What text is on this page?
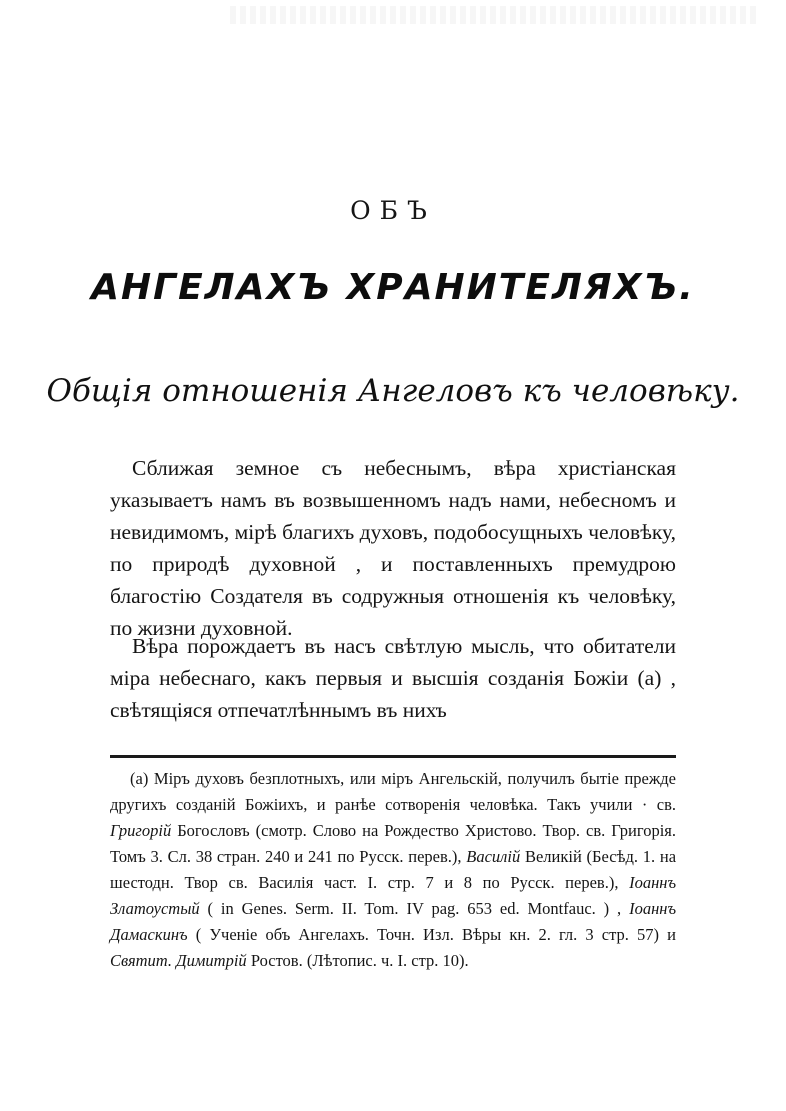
ОБЪ
АНГЕЛАХЪ ХРАНИТЕЛЯХЪ.
Общія отношенія Ангеловъ къ человѣку.
Сближая земное съ небеснымъ, вѣра христіанская указываетъ намъ въ возвышенномъ надъ нами, небесномъ и невидимомъ, мірѣ благихъ духовъ, подобосущныхъ человѣку, по природѣ духовной , и поставленныхъ премудрою благостію Создателя въ содружныя отношенія къ человѣку, по жизни духовной.
Вѣра порождаетъ въ насъ свѣтлую мысль, что обитатели міра небеснаго, какъ первыя и высшія созданія Божіи (а) , свѣтящіяся отпечатлѣннымъ въ нихъ
(а) Міръ духовъ безплотныхъ, или міръ Ангельскій, получилъ бытіе прежде другихъ созданій Божіихъ, и ранѣе сотворенія человѣка. Такъ учили · св. Григорій Богословъ (смотр. Слово на Рождество Христово. Твор. св. Григорія. Томъ 3. Сл. 38 стран. 240 и 241 по Русск. перев.), Василій Великій (Бесѣд. 1. на шестодн. Твор св. Василія част. I. стр. 7 и 8 по Русск. перев.), Іоаннъ Златоустый ( in Genes. Serm. II. Tom. IV pag. 653 ed. Montfauc. ) , Іоаннъ Дамаскинъ ( Ученіе объ Ангелахъ. Точн. Изл. Вѣры кн. 2. гл. 3 стр. 57) и Святит. Димитрій Ростов. (Лѣтопис. ч. I. стр. 10).
